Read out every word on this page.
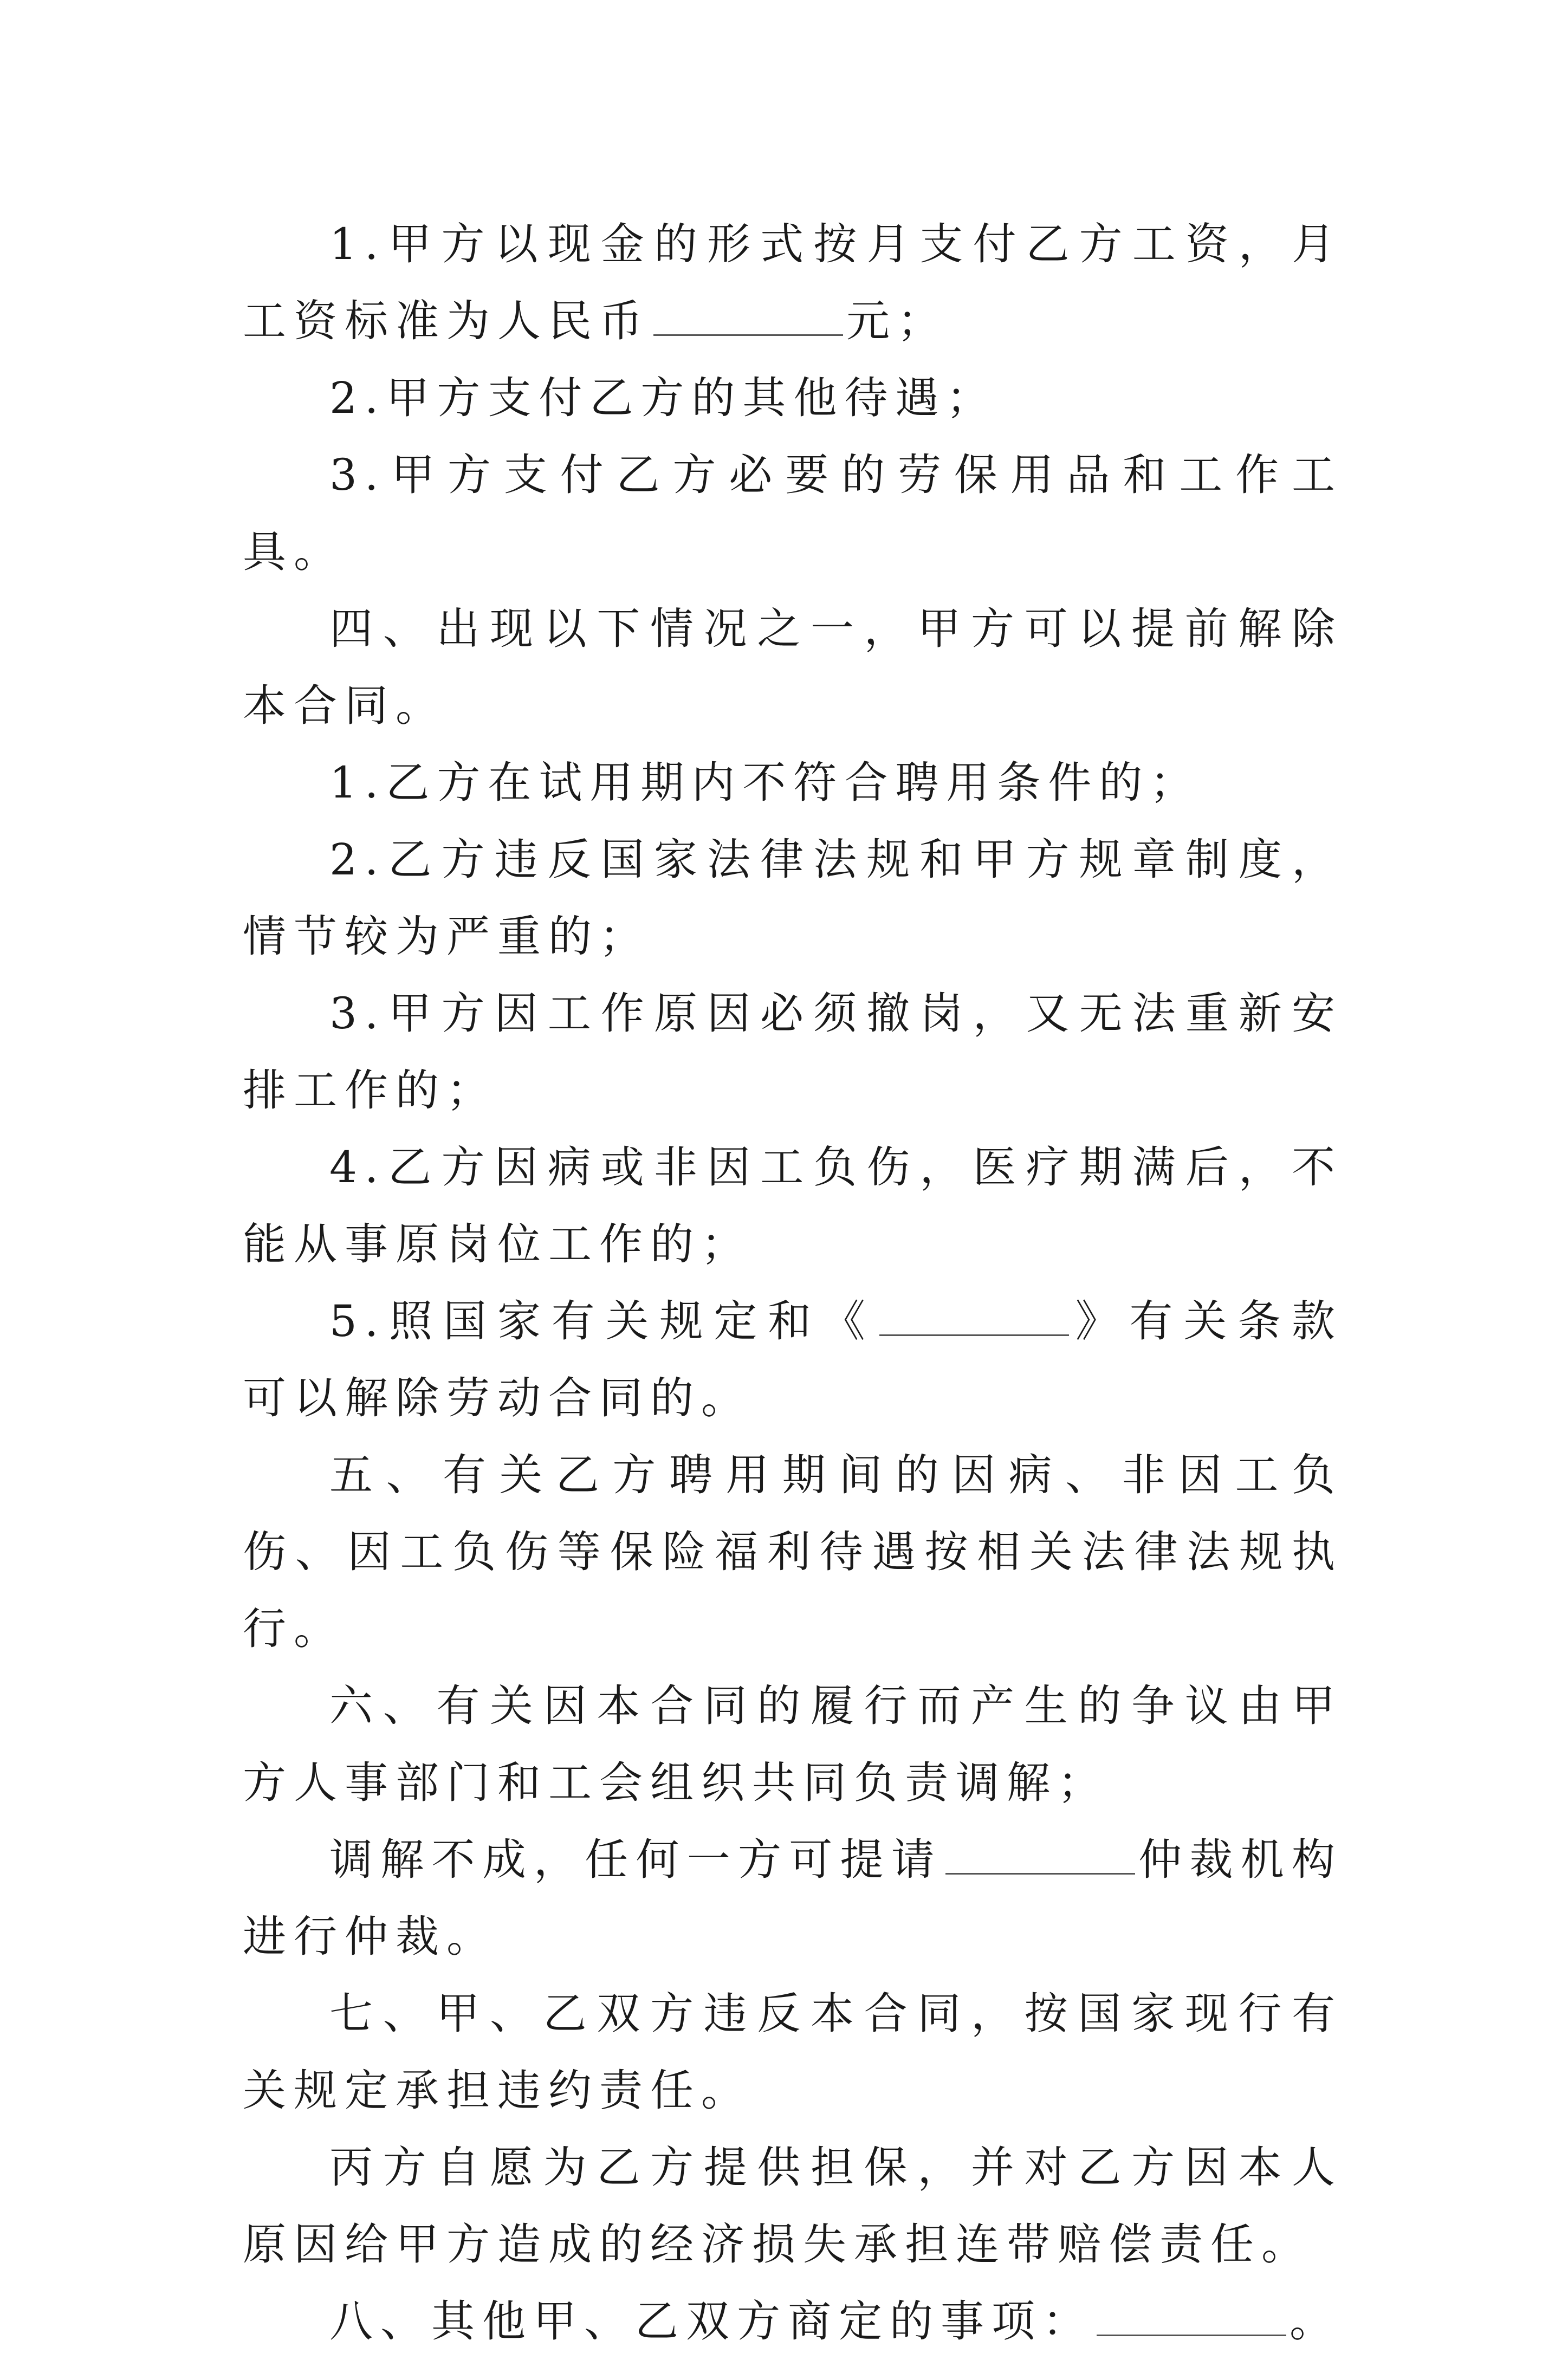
1.甲方以现金的形式按月支付乙方工资，月工资标准为人民币	元；

2.甲方支付乙方的其他待遇；

3.甲方支付乙方必要的劳保用品和工作工具。

四、出现以下情况之一，甲方可以提前解除本合同。

1.乙方在试用期内不符合聘用条件的；

2.乙方违反国家法律法规和甲方规章制度，情节较为严重的；

3.甲方因工作原因必须撤岗，又无法重新安排工作的；

4.乙方因病或非因工负伤，医疗期满后，不能从事原岗位工作的；

5.照国家有关规定和《	》有关条款可以解除劳动合同的。

五、有关乙方聘用期间的因病、非因工负伤、因工负伤等保险福利待遇按相关法律法规执行。

六、有关因本合同的履行而产生的争议由甲方人事部门和工会组织共同负责调解；

调解不成，任何一方可提请	仲裁机构进行仲裁。

七、甲、乙双方违反本合同，按国家现行有关规定承担违约责任。

丙方自愿为乙方提供担保，并对乙方因本人原因给甲方造成的经济损失承担连带赔偿责任。

八、其他甲、乙双方商定的事项：	。
